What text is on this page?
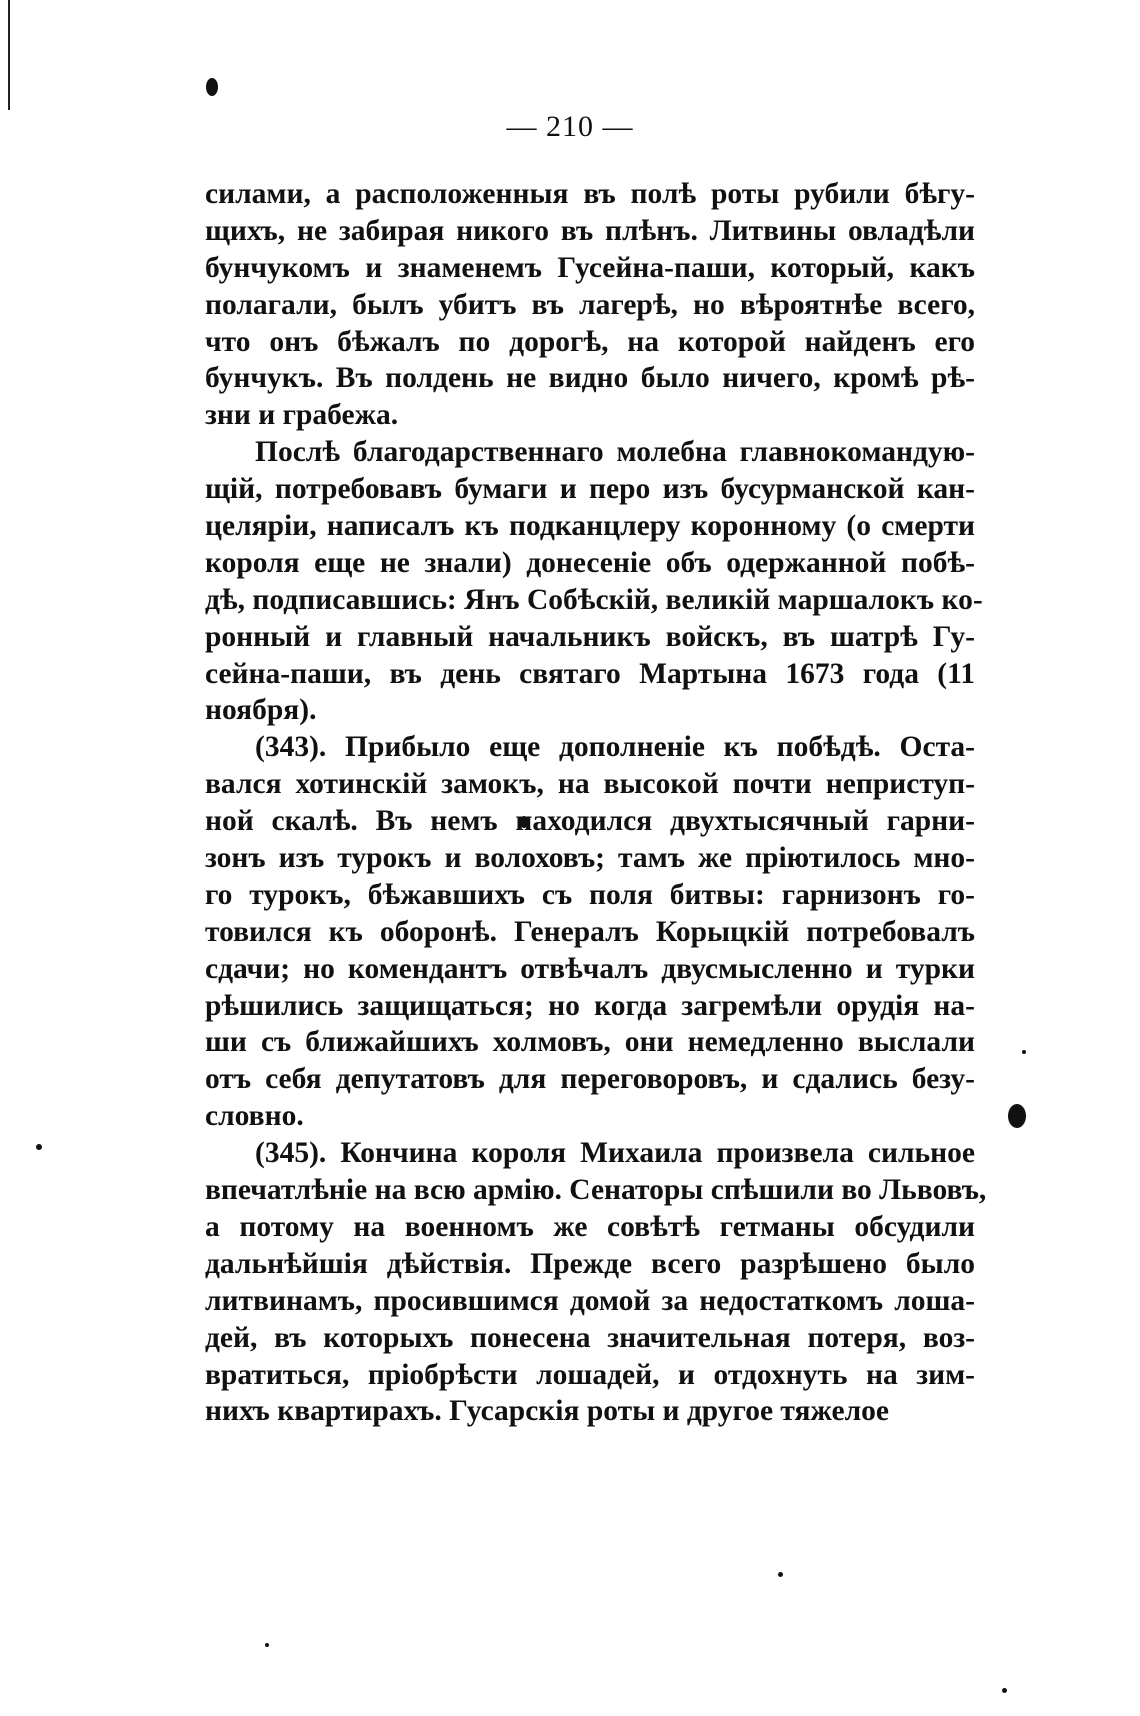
— 210 —
силами, а расположенныя въ полѣ роты рубили бѣгу-
щихъ, не забирая никого въ плѣнъ. Литвины овладѣли
бунчукомъ и знаменемъ Гусейна-паши, который, какъ
полагали, былъ убитъ въ лагерѣ, но вѣроятнѣе всего,
что онъ бѣжалъ по дорогѣ, на которой найденъ его
бунчукъ. Въ полдень не видно было ничего, кромѣ рѣ-
зни и грабежа.
Послѣ благодарственнаго молебна главнокомандую-
щій, потребовавъ бумаги и перо изъ бусурманской кан-
целяріи, написалъ къ подканцлеру коронному (о смерти
короля еще не знали) донесеніе объ одержанной побѣ-
дѣ, подписавшись: Янъ Собѣскій, великій маршалокъ ко-
ронный и главный начальникъ войскъ, въ шатрѣ Гу-
сейна-паши, въ день святаго Мартына 1673 года (11
ноября).
(343). Прибыло еще дополненіе къ побѣдѣ. Оста-
вался хотинскій замокъ, на высокой почти неприступ-
ной скалѣ. Въ немъ находился двухтысячный гарни-
зонъ изъ турокъ и волоховъ; тамъ же пріютилось мно-
го турокъ, бѣжавшихъ съ поля битвы: гарнизонъ го-
товился къ оборонѣ. Генералъ Корыцкій потребовалъ
сдачи; но комендантъ отвѣчалъ двусмысленно и турки
рѣшились защищаться; но когда загремѣли орудія на-
ши съ ближайшихъ холмовъ, они немедленно выслали
отъ себя депутатовъ для переговоровъ, и сдались безу-
словно.
(345). Кончина короля Михаила произвела сильное
впечатлѣніе на всю армію. Сенаторы спѣшили во Львовъ,
а потому на военномъ же совѣтѣ гетманы обсудили
дальнѣйшія дѣйствія. Прежде всего разрѣшено было
литвинамъ, просившимся домой за недостаткомъ лоша-
дей, въ которыхъ понесена значительная потеря, воз-
вратиться, пріобрѣсти лошадей, и отдохнуть на зим-
нихъ квартирахъ. Гусарскія роты и другое тяжелое
